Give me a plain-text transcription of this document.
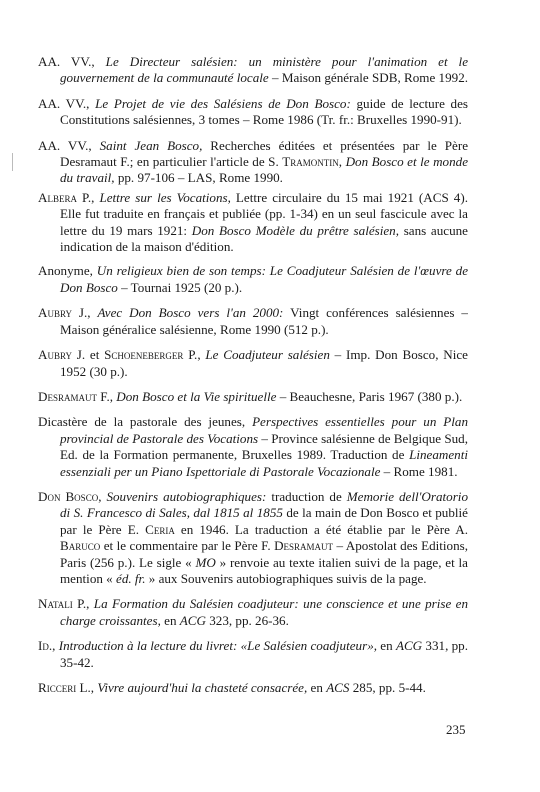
AA. VV., Le Directeur salésien: un ministère pour l'animation et le gouvernement de la communauté locale – Maison générale SDB, Rome 1992.

AA. VV., Le Projet de vie des Salésiens de Don Bosco: guide de lecture des Constitutions salésiennes, 3 tomes – Rome 1986 (Tr. fr.: Bruxelles 1990-91).

AA. VV., Saint Jean Bosco, Recherches éditées et présentées par le Père Desramaut F.; en particulier l'article de S. Tramontin, Don Bosco et le monde du travail, pp. 97-106 – LAS, Rome 1990.

Albera P., Lettre sur les Vocations, Lettre circulaire du 15 mai 1921 (ACS 4). Elle fut traduite en français et publiée (pp. 1-34) en un seul fascicule avec la lettre du 19 mars 1921: Don Bosco Modèle du prêtre salésien, sans aucune indication de la maison d'édition.

Anonyme, Un religieux bien de son temps: Le Coadjuteur Salésien de l'œuvre de Don Bosco – Tournai 1925 (20 p.).

Aubry J., Avec Don Bosco vers l'an 2000: Vingt conférences salésiennes – Maison généralice salésienne, Rome 1990 (512 p.).

Aubry J. et Schoeneberger P., Le Coadjuteur salésien – Imp. Don Bosco, Nice 1952 (30 p.).

Desramaut F., Don Bosco et la Vie spirituelle – Beauchesne, Paris 1967 (380 p.).

Dicastère de la pastorale des jeunes, Perspectives essentielles pour un Plan provincial de Pastorale des Vocations – Province salésienne de Belgique Sud, Ed. de la Formation permanente, Bruxelles 1989. Traduction de Lineamenti essenziali per un Piano Ispettoriale di Pastorale Vocazionale – Rome 1981.

Don Bosco, Souvenirs autobiographiques: traduction de Memorie dell'Oratorio di S. Francesco di Sales, dal 1815 al 1855 de la main de Don Bosco et publié par le Père E. Ceria en 1946. La traduction a été établie par le Père A. Baruco et le commentaire par le Père F. Desramaut – Apostolat des Editions, Paris (256 p.). Le sigle « MO » renvoie au texte italien suivi de la page, et la mention « éd. fr. » aux Souvenirs autobiographiques suivis de la page.

Natali P., La Formation du Salésien coadjuteur: une conscience et une prise en charge croissantes, en ACG 323, pp. 26-36.

Id., Introduction à la lecture du livret: «Le Salésien coadjuteur», en ACG 331, pp. 35-42.

Ricceri L., Vivre aujourd'hui la chasteté consacrée, en ACS 285, pp. 5-44.

235
